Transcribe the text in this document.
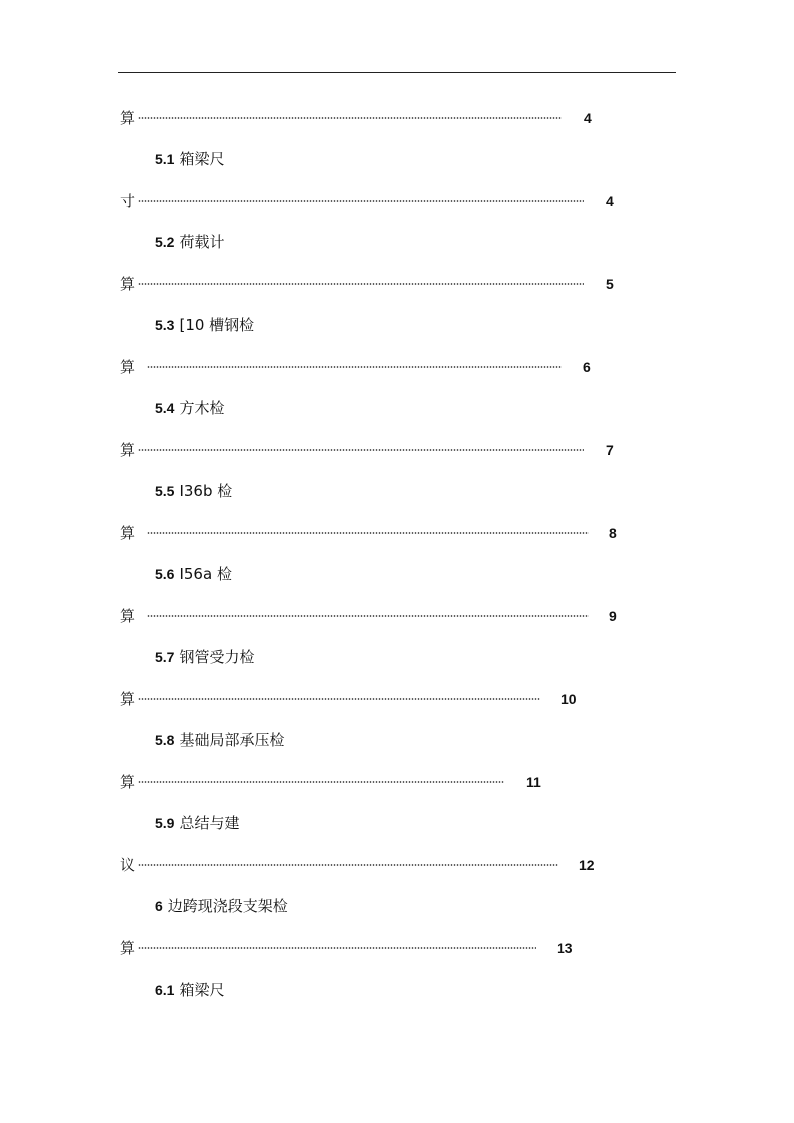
算	4
5.1 箱梁尺
寸	4
5.2 荷载计
算	5
5.3 [10 槽钢检
算	6
5.4 方木检
算	7
5.5 I36b 检
算	8
5.6 I56a 检
算	9
5.7 钢管受力检
算	10
5.8 基础局部承压检
算	11
5.9 总结与建
议	12
6 边跨现浇段支架检
算	13
6.1 箱梁尺
